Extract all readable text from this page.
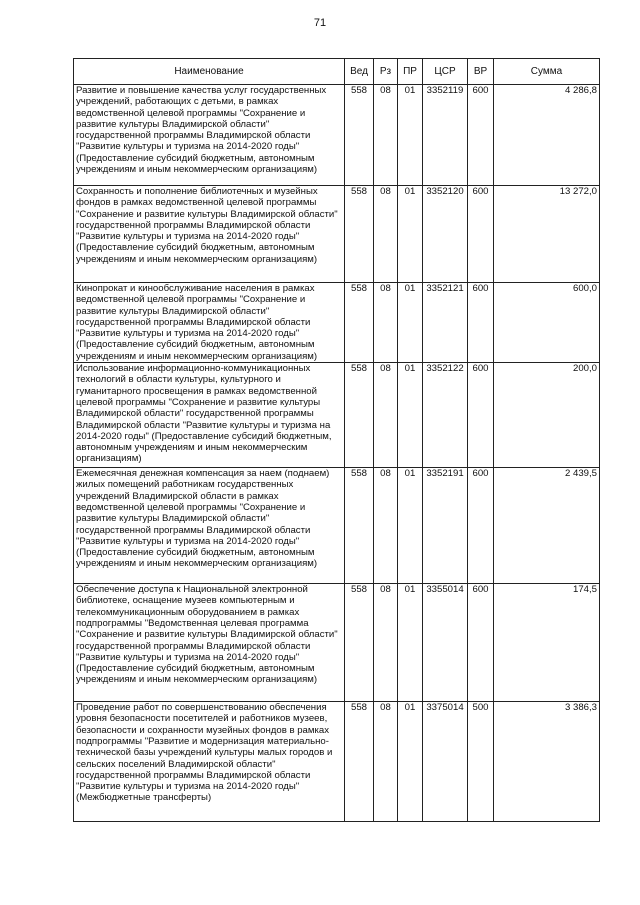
71
Наименование	Вед	Рз	ПР	ЦСР	ВР	Сумма
Развитие и повышение качества услуг государственных учреждений, работающих с детьми, в рамках ведомственной целевой программы "Сохранение и развитие культуры Владимирской области" государственной программы Владимирской области "Развитие культуры и туризма на 2014-2020 годы" (Предоставление субсидий бюджетным, автономным учреждениям и иным некоммерческим организациям)	558	08	01	3352119	600	4 286,8
Сохранность и пополнение библиотечных и музейных фондов в рамках ведомственной целевой программы "Сохранение и развитие культуры Владимирской области" государственной программы Владимирской области "Развитие культуры и туризма на 2014-2020 годы" (Предоставление субсидий бюджетным, автономным учреждениям и иным некоммерческим организациям)	558	08	01	3352120	600	13 272,0
Кинопрокат и кинообслуживание населения в рамках ведомственной целевой программы "Сохранение и развитие культуры Владимирской области" государственной программы Владимирской области "Развитие культуры и туризма на 2014-2020 годы" (Предоставление субсидий бюджетным, автономным учреждениям и иным некоммерческим организациям)	558	08	01	3352121	600	600,0
Использование информационно-коммуникационных технологий в области культуры, культурного и гуманитарного просвещения в рамках ведомственной целевой программы "Сохранение и развитие культуры Владимирской области" государственной программы Владимирской области "Развитие культуры и туризма на 2014-2020 годы" (Предоставление субсидий бюджетным, автономным учреждениям и иным некоммерческим организациям)	558	08	01	3352122	600	200,0
Ежемесячная денежная компенсация за наем (поднаем) жилых помещений работникам государственных учреждений Владимирской области в рамках ведомственной целевой программы "Сохранение и развитие культуры Владимирской области" государственной программы Владимирской области "Развитие культуры и туризма на 2014-2020 годы" (Предоставление субсидий бюджетным, автономным учреждениям и иным некоммерческим организациям)	558	08	01	3352191	600	2 439,5
Обеспечение доступа к Национальной электронной библиотеке, оснащение музеев компьютерным и телекоммуникационным оборудованием в рамках подпрограммы "Ведомственная целевая программа "Сохранение и развитие культуры Владимирской области" государственной программы Владимирской области "Развитие культуры и туризма на 2014-2020 годы" (Предоставление субсидий бюджетным, автономным учреждениям и иным некоммерческим организациям)	558	08	01	3355014	600	174,5
Проведение работ по совершенствованию обеспечения уровня безопасности посетителей и работников музеев, безопасности и сохранности музейных фондов в рамках подпрограммы "Развитие и модернизация материально-технической базы учреждений культуры малых городов и сельских поселений Владимирской области" государственной программы Владимирской области "Развитие культуры и туризма на 2014-2020 годы" (Межбюджетные трансферты)	558	08	01	3375014	500	3 386,3
